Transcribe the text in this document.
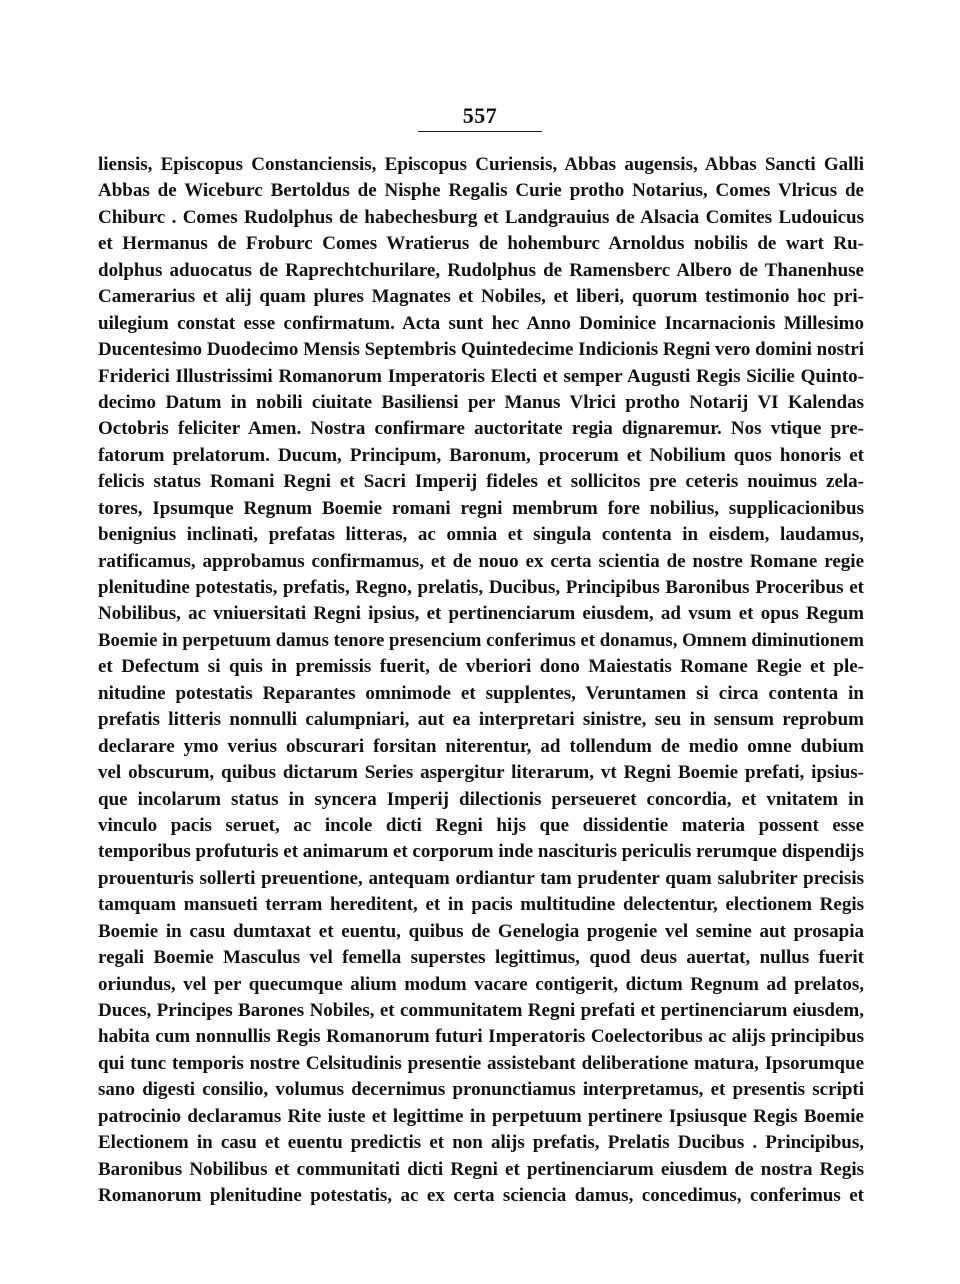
557
liensis, Episcopus Constanciensis, Episcopus Curiensis, Abbas augensis, Abbas Sancti Galli
Abbas de Wiceburc Bertoldus de Nisphe Regalis Curie protho Notarius, Comes Vlricus de
Chiburc . Comes Rudolphus de habechesburg et Landgrauius de Alsacia Comites Ludouicus
et Hermanus de Froburc Comes Wratierus de hohemburc Arnoldus nobilis de wart Ru-
dolphus aduocatus de Raprechtchurilare, Rudolphus de Ramensberc Albero de Thanenhuse
Camerarius et alij quam plures Magnates et Nobiles, et liberi, quorum testimonio hoc pri-
uilegium constat esse confirmatum. Acta sunt hec Anno Dominice Incarnacionis Millesimo
Ducentesimo Duodecimo Mensis Septembris Quintedecime Indicionis Regni vero domini nostri
Friderici Illustrissimi Romanorum Imperatoris Electi et semper Augusti Regis Sicilie Quinto-
decimo Datum in nobili ciuitate Basiliensi per Manus Vlrici protho Notarij VI Kalendas
Octobris feliciter Amen. Nostra confirmare auctoritate regia dignaremur. Nos vtique pre-
fatorum prelatorum. Ducum, Principum, Baronum, procerum et Nobilium quos honoris et
felicis status Romani Regni et Sacri Imperij fideles et sollicitos pre ceteris nouimus zela-
tores, Ipsumque Regnum Boemie romani regni membrum fore nobilius, supplicacionibus
benignius inclinati, prefatas litteras, ac omnia et singula contenta in eisdem, laudamus,
ratificamus, approbamus confirmamus, et de nouo ex certa scientia de nostre Romane regie
plenitudine potestatis, prefatis, Regno, prelatis, Ducibus, Principibus Baronibus Proceribus et
Nobilibus, ac vniuersitati Regni ipsius, et pertinenciarum eiusdem, ad vsum et opus Regum
Boemie in perpetuum damus tenore presencium conferimus et donamus, Omnem diminutionem
et Defectum si quis in premissis fuerit, de vberiori dono Maiestatis Romane Regie et ple-
nitudine potestatis Reparantes omnimode et supplentes, Veruntamen si circa contenta in
prefatis litteris nonnulli calumpniari, aut ea interpretari sinistre, seu in sensum reprobum
declarare ymo verius obscurari forsitan niterentur, ad tollendum de medio omne dubium
vel obscurum, quibus dictarum Series aspergitur literarum, vt Regni Boemie prefati, ipsius-
que incolarum status in syncera Imperij dilectionis perseueret concordia, et vnitatem in
vinculo pacis seruet, ac incole dicti Regni hijs que dissidentie materia possent esse
temporibus profuturis et animarum et corporum inde nascituris periculis rerumque dispendijs
prouenturis sollerti preuentione, antequam ordiantur tam prudenter quam salubriter precisis
tamquam mansueti terram hereditent, et in pacis multitudine delectentur, electionem Regis
Boemie in casu dumtaxat et euentu, quibus de Genelogia progenie vel semine aut prosapia
regali Boemie Masculus vel femella superstes legittimus, quod deus auertat, nullus fuerit
oriundus, vel per quecumque alium modum vacare contigerit, dictum Regnum ad prelatos,
Duces, Principes Barones Nobiles, et communitatem Regni prefati et pertinenciarum eiusdem,
habita cum nonnullis Regis Romanorum futuri Imperatoris Coelectoribus ac alijs principibus
qui tunc temporis nostre Celsitudinis presentie assistebant deliberatione matura, Ipsorumque
sano digesti consilio, volumus decernimus pronunctiamus interpretamus, et presentis scripti
patrocinio declaramus Rite iuste et legittime in perpetuum pertinere Ipsiusque Regis Boemie
Electionem in casu et euentu predictis et non alijs prefatis, Prelatis Ducibus . Principibus,
Baronibus Nobilibus et communitati dicti Regni et pertinenciarum eiusdem de nostra Regis
Romanorum plenitudine potestatis, ac ex certa sciencia damus, concedimus, conferimus et
